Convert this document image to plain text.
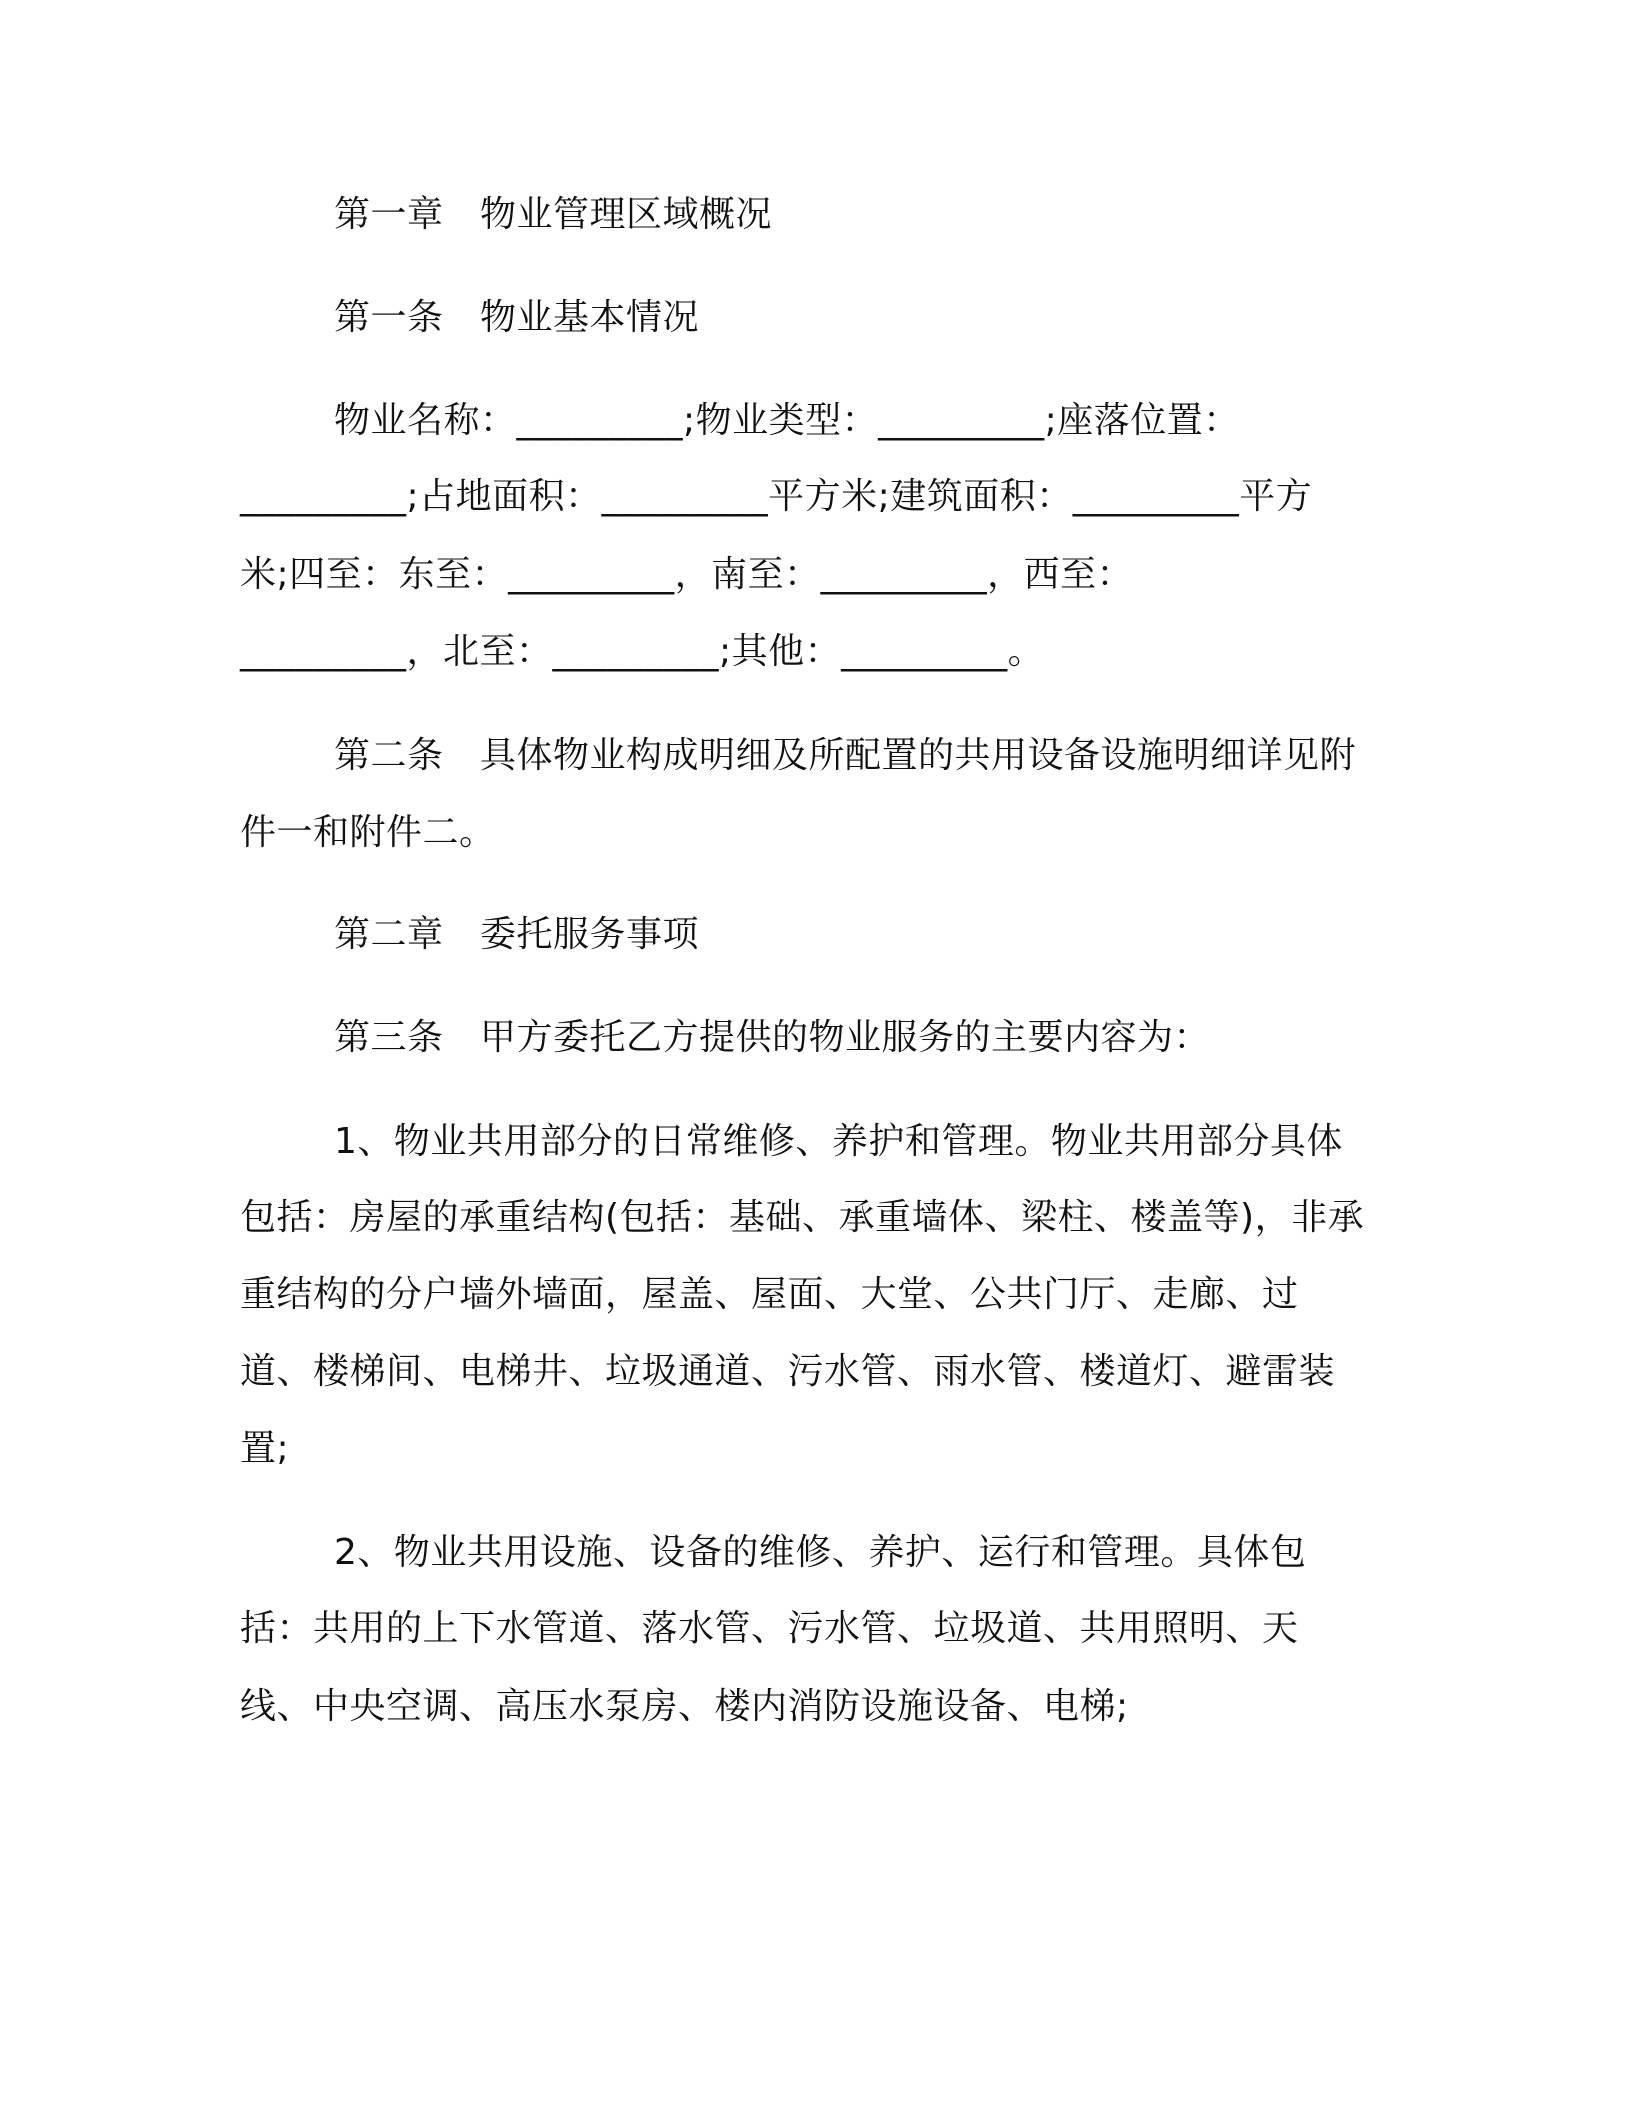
第一章　物业管理区域概况

第一条　物业基本情况

物业名称：_________;物业类型：_________;座落位置：

_________;占地面积：_________平方米;建筑面积：_________平方

米;四至：东至：_________，南至：_________，西至：

_________，北至：_________;其他：_________。

第二条　具体物业构成明细及所配置的共用设备设施明细详见附

件一和附件二。

第二章　委托服务事项

第三条　甲方委托乙方提供的物业服务的主要内容为：

1、物业共用部分的日常维修、养护和管理。物业共用部分具体

包括：房屋的承重结构(包括：基础、承重墙体、梁柱、楼盖等)，非承

重结构的分户墙外墙面，屋盖、屋面、大堂、公共门厅、走廊、过

道、楼梯间、电梯井、垃圾通道、污水管、雨水管、楼道灯、避雷装

置;

2、物业共用设施、设备的维修、养护、运行和管理。具体包

括：共用的上下水管道、落水管、污水管、垃圾道、共用照明、天

线、中央空调、高压水泵房、楼内消防设施设备、电梯;
